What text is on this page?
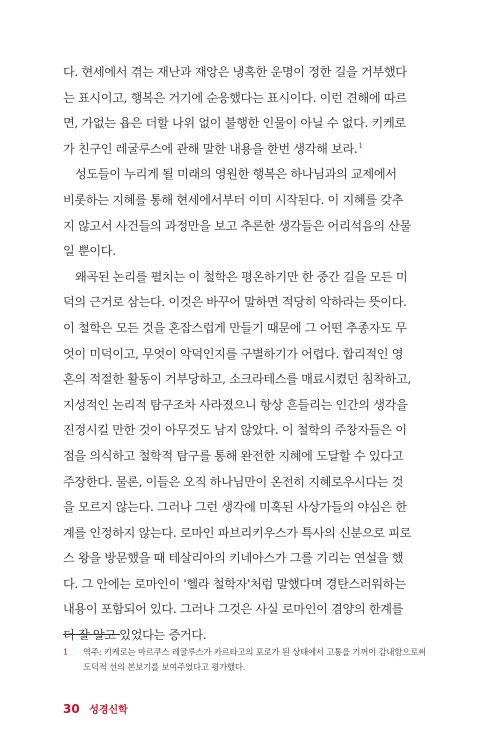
다. 현세에서 겪는 재난과 재앙은 냉혹한 운명이 정한 길을 거부했다
는 표시이고, 행복은 거기에 순응했다는 표시이다. 이런 견해에 따르
면, 가없는 욥은 더할 나위 없이 불행한 인물이 아닐 수 없다. 키케로
가 친구인 레굴루스에 관해 말한 내용을 한번 생각해 보라.$^1$
성도들이 누리게 될 미래의 영원한 행복은 하나님과의 교제에서
비롯하는 지혜를 통해 현세에서부터 이미 시작된다. 이 지혜를 갖추
지 않고서 사건들의 과정만을 보고 추론한 생각들은 어리석음의 산물
일 뿐이다.
왜곡된 논리를 펼치는 이 철학은 평온하기만 한 중간 길을 모든 미
덕의 근거로 삼는다. 이것은 바꾸어 말하면 적당히 악하라는 뜻이다.
이 철학은 모든 것을 혼잡스럽게 만들기 때문에 그 어떤 추종자도 무
엇이 미덕이고, 무엇이 악덕인지를 구별하기가 어렵다. 합리적인 영
혼의 적절한 활동이 거부당하고, 소크라테스를 매료시켰던 침착하고,
지성적인 논리적 탐구조차 사라졌으니 항상 흔들리는 인간의 생각을
진정시킬 만한 것이 아무것도 남지 않았다. 이 철학의 주창자들은 이
점을 의식하고 철학적 탐구를 통해 완전한 지혜에 도달할 수 있다고
주장한다. 물론, 이들은 오직 하나님만이 온전히 지혜로우시다는 것
을 모르지 않는다. 그러나 그런 생각에 미혹된 사상가들의 야심은 한
계를 인정하지 않는다. 로마인 파브리키우스가 특사의 신분으로 피로
스 왕을 방문했을 때 테살리아의 키네아스가 그를 기리는 연설을 했
다. 그 안에는 로마인이 '헬라 철학자'처럼 말했다며 경탄스러워하는
내용이 포함되어 있다. 그러나 그것은 사실 로마인이 겸양의 한계를
더 잘 알고 있었다는 증거다.
1 역주: 키케로는 마르쿠스 레굴루스가 카르타고의 포로가 된 상태에서 고통을 기꺼이 감내함으로써
도덕적 선의 본보기를 보여주었다고 평가했다.
30 성경신학
